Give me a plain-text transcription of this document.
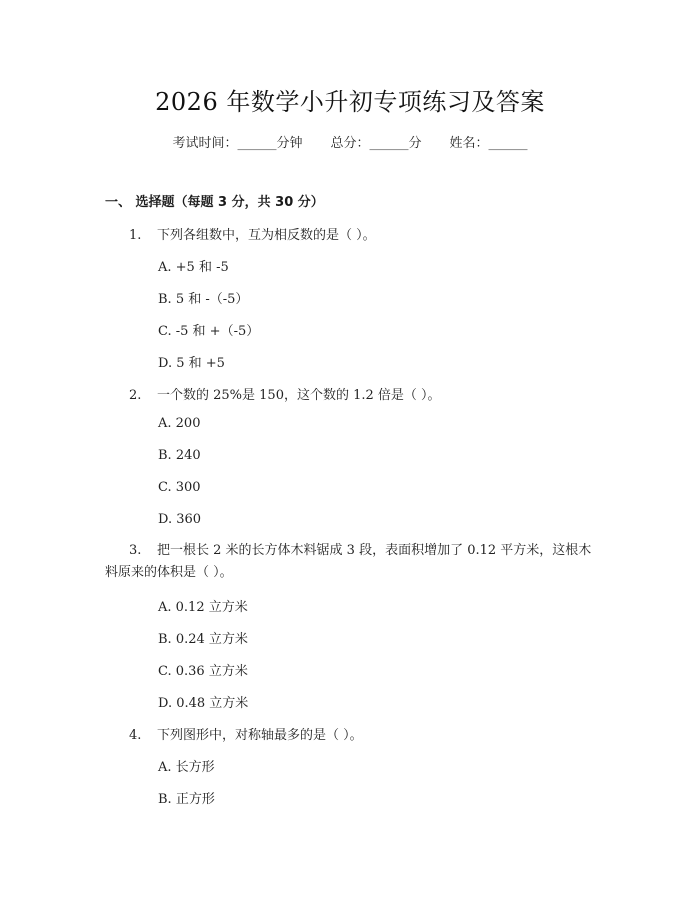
2026 年数学小升初专项练习及答案
考试时间：______分钟 总分：______分 姓名：______
一、 选择题（每题 3 分，共 30 分）
1. 下列各组数中，互为相反数的是（ ）。
A. +5 和 -5
B. 5 和 -（-5）
C. -5 和 +（-5）
D. 5 和 +5
2. 一个数的 25%是 150，这个数的 1.2 倍是（ ）。
A. 200
B. 240
C. 300
D. 360
3. 把一根长 2 米的长方体木料锯成 3 段，表面积增加了 0.12 平方米，这根木料原来的体积是（ ）。
A. 0.12 立方米
B. 0.24 立方米
C. 0.36 立方米
D. 0.48 立方米
4. 下列图形中，对称轴最多的是（ ）。
A. 长方形
B. 正方形
